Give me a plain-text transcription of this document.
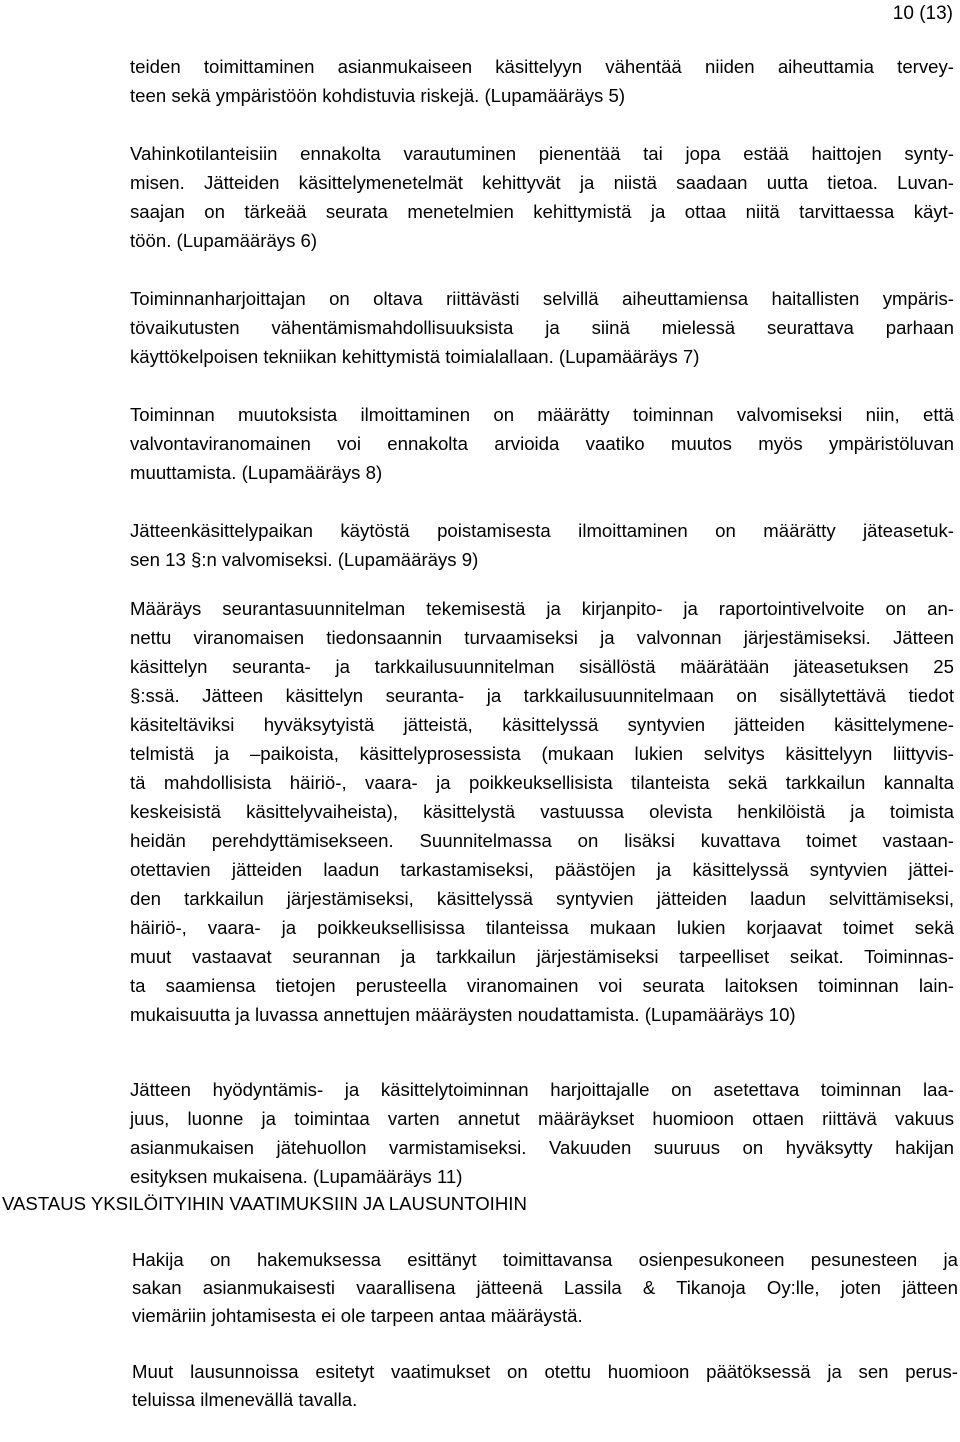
10 (13)

teiden toimittaminen asianmukaiseen käsittelyyn vähentää niiden aiheuttamia tervey-
teen sekä ympäristöön kohdistuvia riskejä. (Lupamääräys 5)

Vahinkotilanteisiin ennakolta varautuminen pienentää tai jopa estää haittojen synty-
misen. Jätteiden käsittelymenetelmät kehittyvät ja niistä saadaan uutta tietoa. Luvan-
saajan on tärkeää seurata menetelmien kehittymistä ja ottaa niitä tarvittaessa käyt-
töön. (Lupamääräys 6)

Toiminnanharjoittajan on oltava riittävästi selvillä aiheuttamiensa haitallisten ympäris-
tövaikutusten vähentämismahdollisuuksista ja siinä mielessä seurattava parhaan
käyttökelpoisen tekniikan kehittymistä toimialallaan. (Lupamääräys 7)

Toiminnan muutoksista ilmoittaminen on määrätty toiminnan valvomiseksi niin, että
valvontaviranomainen voi ennakolta arvioida vaatiko muutos myös ympäristöluvan
muuttamista. (Lupamääräys 8)

Jätteenkäsittelypaikan käytöstä poistamisesta ilmoittaminen on määrätty jäteasetuk-
sen 13 §:n valvomiseksi. (Lupamääräys 9)

Määräys seurantasuunnitelman tekemisestä ja kirjanpito- ja raportointivelvoite on an-
nettu viranomaisen tiedonsaannin turvaamiseksi ja valvonnan järjestämiseksi. Jätteen
käsittelyn seuranta- ja tarkkailusuunnitelman sisällöstä määrätään jäteasetuksen 25
§:ssä. Jätteen käsittelyn seuranta- ja tarkkailusuunnitelmaan on sisällytettävä tiedot
käsiteltäviksi hyväksytyistä jätteistä, käsittelyssä syntyvien jätteiden käsittelymene-
telmistä ja –paikoista, käsittelyprosessista (mukaan lukien selvitys käsittelyyn liittyvis-
tä mahdollisista häiriö-, vaara- ja poikkeuksellisista tilanteista sekä tarkkailun kannalta
keskeisistä käsittelyvaiheista), käsittelystä vastuussa olevista henkilöistä ja toimista
heidän perehdyttämisekseen. Suunnitelmassa on lisäksi kuvattava toimet vastaan-
otettavien jätteiden laadun tarkastamiseksi, päästöjen ja käsittelyssä syntyvien jättei-
den tarkkailun järjestämiseksi, käsittelyssä syntyvien jätteiden laadun selvittämiseksi,
häiriö-, vaara- ja poikkeuksellisissa tilanteissa mukaan lukien korjaavat toimet sekä
muut vastaavat seurannan ja tarkkailun järjestämiseksi tarpeelliset seikat. Toiminnas-
ta saamiensa tietojen perusteella viranomainen voi seurata laitoksen toiminnan lain-
mukaisuutta ja luvassa annettujen määräysten noudattamista. (Lupamääräys 10)

Jätteen hyödyntämis- ja käsittelytoiminnan harjoittajalle on asetettava toiminnan laa-
juus, luonne ja toimintaa varten annetut määräykset huomioon ottaen riittävä vakuus
asianmukaisen jätehuollon varmistamiseksi. Vakuuden suuruus on hyväksytty hakijan
esityksen mukaisena. (Lupamääräys 11)

VASTAUS YKSILÖITYIHIN VAATIMUKSIIN JA LAUSUNTOIHIN

Hakija on hakemuksessa esittänyt toimittavansa osienpesukoneen pesunesteen ja
sakan asianmukaisesti vaarallisena jätteenä Lassila & Tikanoja Oy:lle, joten jätteen
viemäriin johtamisesta ei ole tarpeen antaa määräystä.

Muut lausunnoissa esitetyt vaatimukset on otettu huomioon päätöksessä ja sen perus-
teluissa ilmenevällä tavalla.
